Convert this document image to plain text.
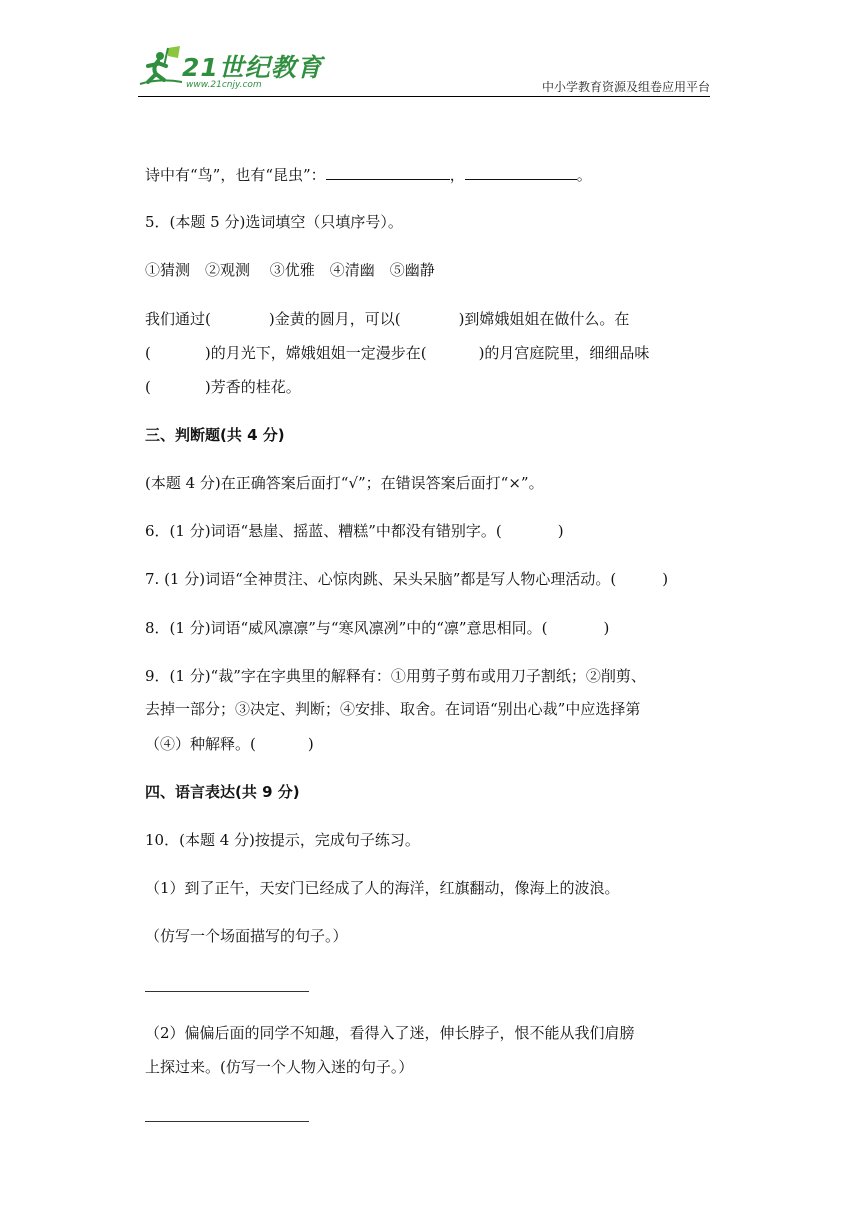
21世纪教育
www.21cnjy.com	中小学教育资源及组卷应用平台
诗中有“鸟”，也有“昆虫”：	，	。
5．(本题 5 分)选词填空（只填序号）。
①猜测　②观测　 ③优雅　④清幽　⑤幽静
我们通过(	)金黄的圆月，可以(	)到嫦娥姐姐在做什么。在
(	)的月光下，嫦娥姐姐一定漫步在(	)的月宫庭院里，细细品味
(	)芳香的桂花。
三、判断题(共 4 分)
(本题 4 分)在正确答案后面打“√”；在错误答案后面打“×”。
6．(1 分)词语“悬崖、摇蓝、糟糕”中都没有错别字。(	)
7. (1 分)词语“全神贯注、心惊肉跳、呆头呆脑”都是写人物心理活动。(	)
8．(1 分)词语“威风凛凛”与“寒风凛冽”中的“凛”意思相同。(	)
9．(1 分)“裁”字在字典里的解释有：①用剪子剪布或用刀子割纸；②削剪、
去掉一部分；③决定、判断；④安排、取舍。在词语“别出心裁”中应选择第
（④）种解释。(	)
四、语言表达(共 9 分)
10．(本题 4 分)按提示，完成句子练习。
（1）到了正午，天安门已经成了人的海洋，红旗翻动，像海上的波浪。
（仿写一个场面描写的句子。）
（2）偏偏后面的同学不知趣，看得入了迷，伸长脖子，恨不能从我们肩膀
上探过来。(仿写一个人物入迷的句子。）
